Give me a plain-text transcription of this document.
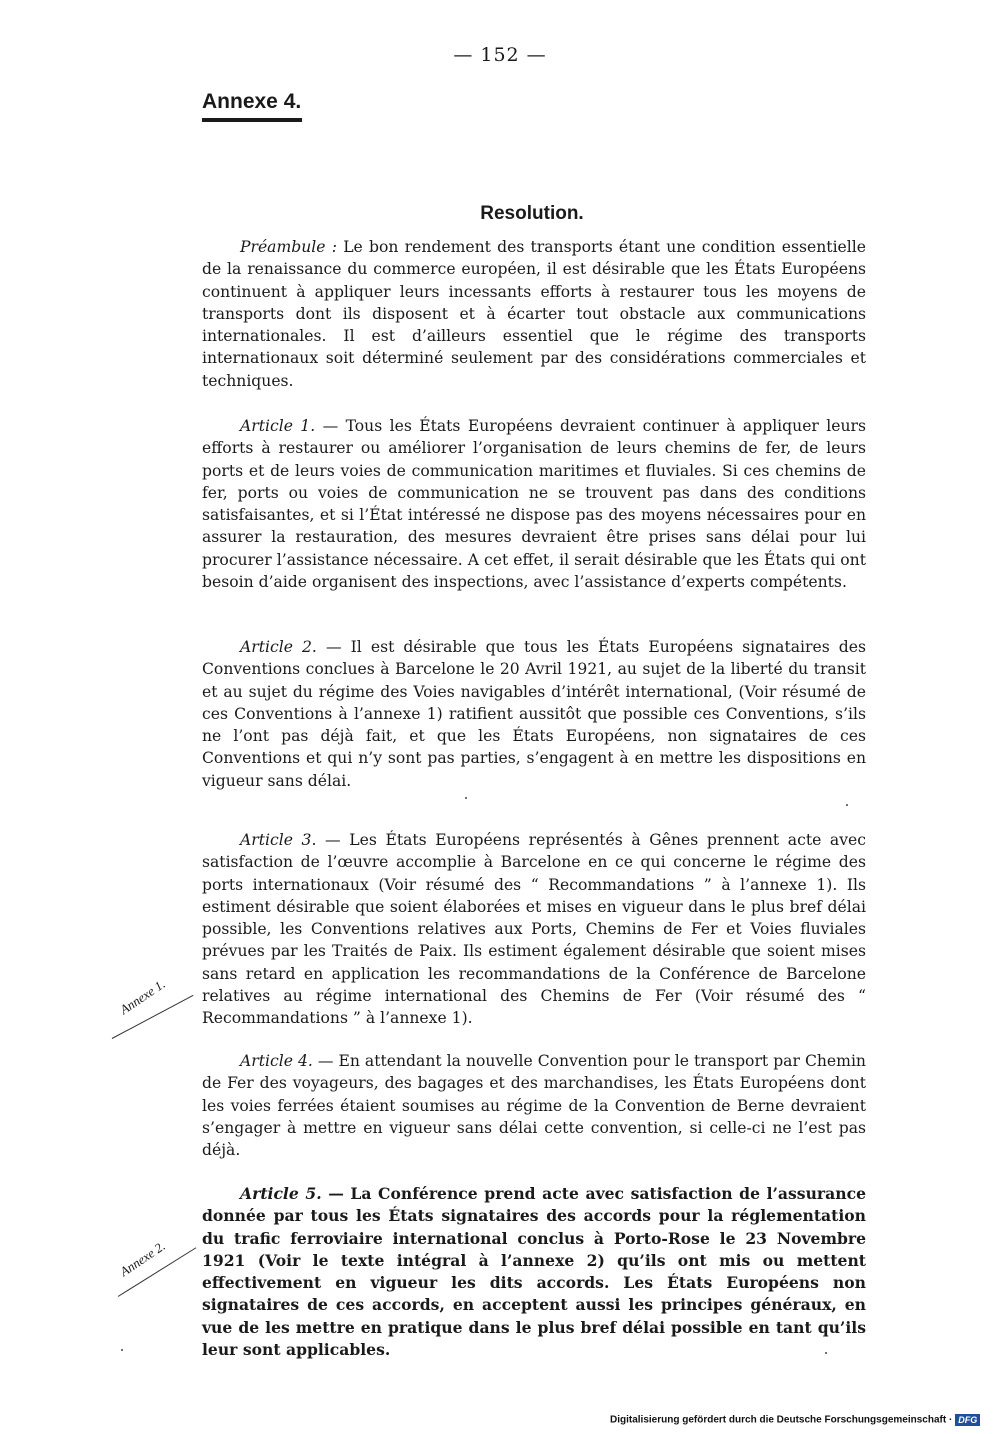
— 152 —
Annexe 4.
Resolution.

Préambule : Le bon rendement des transports étant une condition essentielle de la renaissance du commerce européen, il est désirable que les États Européens continuent à appliquer leurs incessants efforts à restaurer tous les moyens de transports dont ils disposent et à écarter tout obstacle aux communications internationales. Il est d’ailleurs essentiel que le régime des transports internationaux soit déterminé seulement par des considérations commerciales et techniques.

Article 1. — Tous les États Européens devraient continuer à appliquer leurs efforts à restaurer ou améliorer l’organisation de leurs chemins de fer, de leurs ports et de leurs voies de communication maritimes et fluviales. Si ces chemins de fer, ports ou voies de communication ne se trouvent pas dans des conditions satisfaisantes, et si l’État intéressé ne dispose pas des moyens nécessaires pour en assurer la restauration, des mesures devraient être prises sans délai pour lui procurer l’assistance nécessaire. A cet effet, il serait désirable que les États qui ont besoin d’aide organisent des inspections, avec l’assistance d’experts compétents.

Article 2. — Il est désirable que tous les États Européens signataires des Conventions conclues à Barcelone le 20 Avril 1921, au sujet de la liberté du transit et au sujet du régime des Voies navigables d’intérêt international, (Voir résumé de ces Conventions à l’annexe 1) ratifient aussitôt que possible ces Conventions, s’ils ne l’ont pas déjà fait, et que les États Européens, non signataires de ces Conventions et qui n’y sont pas parties, s’engagent à en mettre les dispositions en vigueur sans délai.

Article 3. — Les États Européens représentés à Gênes prennent acte avec satisfaction de l’œuvre accomplie à Barcelone en ce qui concerne le régime des ports internationaux (Voir résumé des “ Recommandations ” à l’annexe 1). Ils estiment désirable que soient élaborées et mises en vigueur dans le plus bref délai possible, les Conventions relatives aux Ports, Chemins de Fer et Voies fluviales prévues par les Traités de Paix. Ils estiment également désirable que soient mises sans retard en application les recommandations de la Conférence de Barcelone relatives au régime international des Chemins de Fer (Voir résumé des “ Recommandations ” à l’annexe 1).

Article 4. — En attendant la nouvelle Convention pour le transport par Chemin de Fer des voyageurs, des bagages et des marchandises, les États Européens dont les voies ferrées étaient soumises au régime de la Convention de Berne devraient s’engager à mettre en vigueur sans délai cette convention, si celle-ci ne l’est pas déjà.

Article 5. — La Conférence prend acte avec satisfaction de l’assurance donnée par tous les États signataires des accords pour la réglementation du trafic ferroviaire international conclus à Porto-Rose le 23 Novembre 1921 (Voir le texte intégral à l’annexe 2) qu’ils ont mis ou mettent effectivement en vigueur les dits accords. Les États Européens non signataires de ces accords, en acceptent aussi les principes généraux, en vue de les mettre en pratique dans le plus bref délai possible en tant qu’ils leur sont applicables.

Annexe 1.
Annexe 2.
Digitalisierung gefördert durch die Deutsche Forschungsgemeinschaft · DFG
